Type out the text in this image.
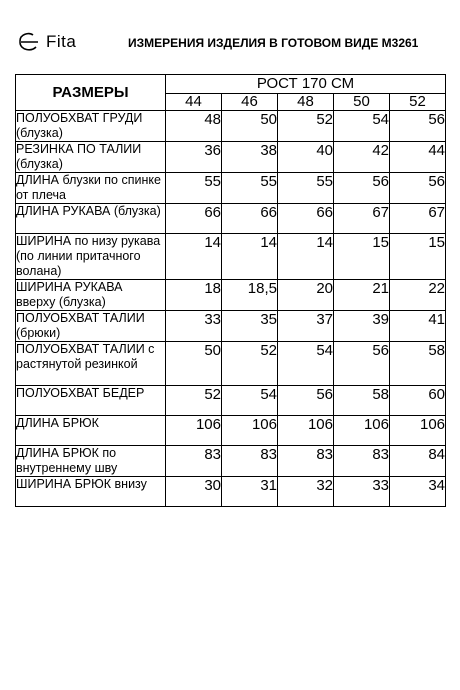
Fita	ИЗМЕРЕНИЯ ИЗДЕЛИЯ В ГОТОВОМ ВИДЕ М3261
РАЗМЕРЫ	РОСТ 170 СМ				
	44	46	48	50	52
ПОЛУОБХВАТ ГРУДИ (блузка)	48	50	52	54	56
РЕЗИНКА ПО ТАЛИИ (блузка)	36	38	40	42	44
ДЛИНА блузки по спинке от плеча	55	55	55	56	56
ДЛИНА РУКАВА (блузка)	66	66	66	67	67
ШИРИНА по низу рукава (по линии притачного волана)	14	14	14	15	15
ШИРИНА РУКАВА вверху (блузка)	18	18,5	20	21	22
ПОЛУОБХВАТ ТАЛИИ (брюки)	33	35	37	39	41
ПОЛУОБХВАТ ТАЛИИ с растянутой резинкой	50	52	54	56	58
ПОЛУОБХВАТ БЕДЕР	52	54	56	58	60
ДЛИНА БРЮК	106	106	106	106	106
ДЛИНА БРЮК по внутреннему шву	83	83	83	83	84
ШИРИНА БРЮК внизу	30	31	32	33	34
